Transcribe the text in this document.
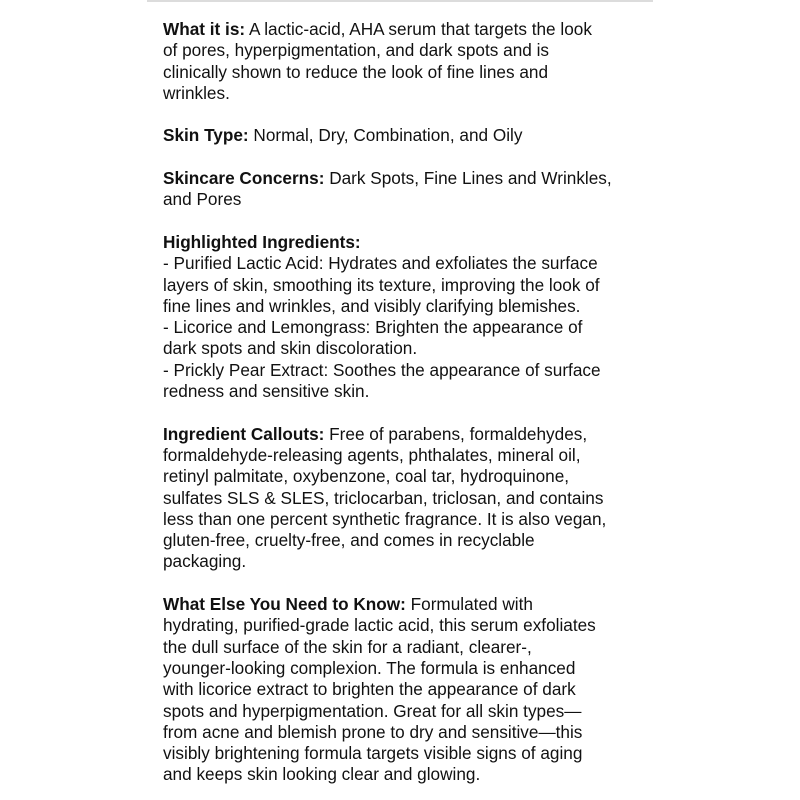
What it is: A lactic-acid, AHA serum that targets the look
of pores, hyperpigmentation, and dark spots and is
clinically shown to reduce the look of fine lines and
wrinkles.
Skin Type: Normal, Dry, Combination, and Oily
Skincare Concerns: Dark Spots, Fine Lines and Wrinkles,
and Pores
Highlighted Ingredients:
- Purified Lactic Acid: Hydrates and exfoliates the surface
layers of skin, smoothing its texture, improving the look of
fine lines and wrinkles, and visibly clarifying blemishes.
- Licorice and Lemongrass: Brighten the appearance of
dark spots and skin discoloration.
- Prickly Pear Extract: Soothes the appearance of surface
redness and sensitive skin.
Ingredient Callouts: Free of parabens, formaldehydes,
formaldehyde-releasing agents, phthalates, mineral oil,
retinyl palmitate, oxybenzone, coal tar, hydroquinone,
sulfates SLS & SLES, triclocarban, triclosan, and contains
less than one percent synthetic fragrance. It is also vegan,
gluten-free, cruelty-free, and comes in recyclable
packaging.
What Else You Need to Know: Formulated with
hydrating, purified-grade lactic acid, this serum exfoliates
the dull surface of the skin for a radiant, clearer-,
younger-looking complexion. The formula is enhanced
with licorice extract to brighten the appearance of dark
spots and hyperpigmentation. Great for all skin types—
from acne and blemish prone to dry and sensitive—this
visibly brightening formula targets visible signs of aging
and keeps skin looking clear and glowing.
